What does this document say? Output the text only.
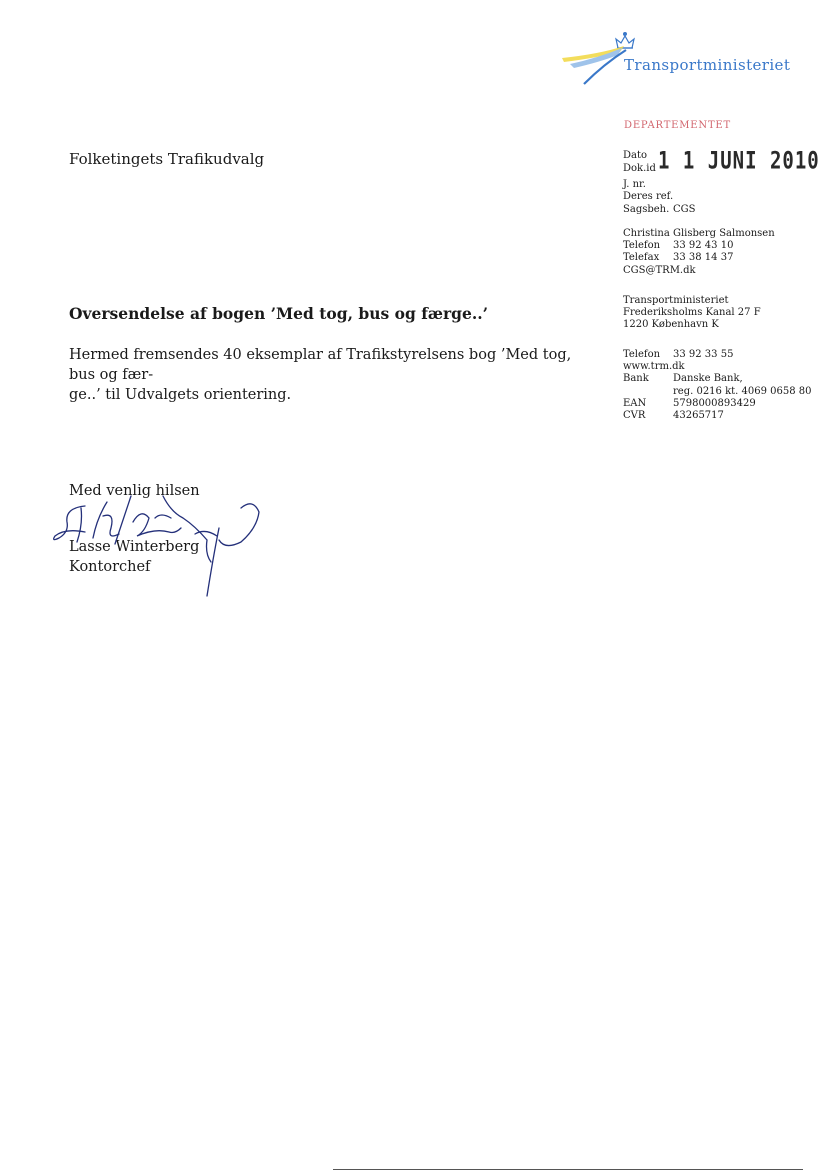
Transportministeriet
DEPARTEMENTET
Folketingets Trafikudvalg
Oversendelse af bogen ’Med tog, bus og færge..’
Hermed fremsendes 40 eksemplar af Trafikstyrelsens bog ’Med tog, bus og fær-
ge..’ til Udvalgets orientering.
Med venlig hilsen
Lasse Winterberg
Kontorchef
Dato 1 1 JUNI 2010
Dok.id
J. nr.
Deres ref.
Sagsbeh. CGS
Christina Glisberg Salmonsen
Telefon 33 92 43 10
Telefax 33 38 14 37
CGS@TRM.dk
Transportministeriet
Frederiksholms Kanal 27 F
1220 København K
Telefon 33 92 33 55
www.trm.dk
Bank Danske Bank,
reg. 0216 kt. 4069 0658 80
EAN	5798000893429
CVR	43265717
